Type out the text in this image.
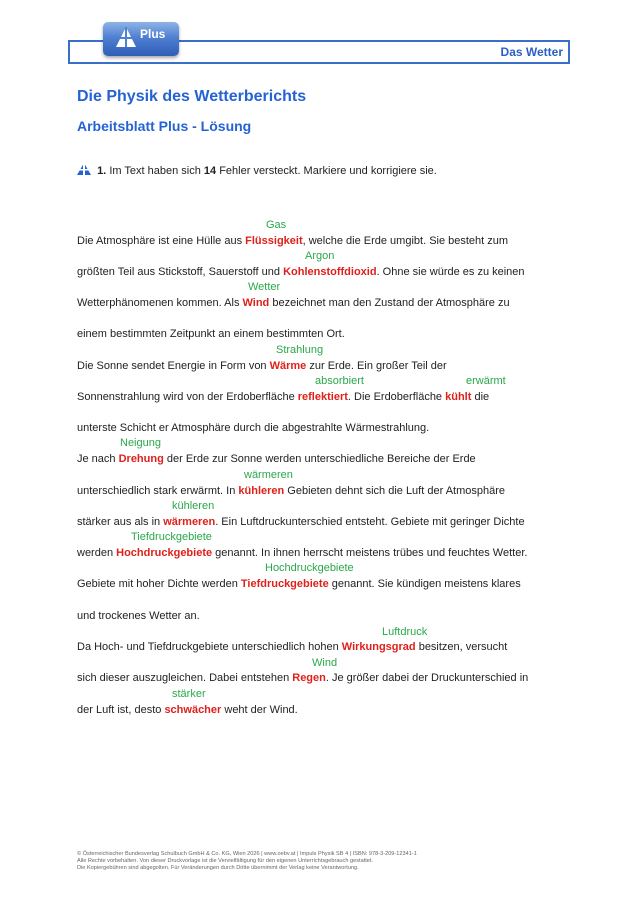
Plus
Das Wetter
Die Physik des Wetterberichts
Arbeitsblatt Plus - Lösung
1. Im Text haben sich 14 Fehler versteckt. Markiere und korrigiere sie.
Gas
Argon
Wetter
Strahlung
absorbiert	erwärmt
Neigung
wärmeren
kühleren
Tiefdruckgebiete
Hochdruckgebiete
Luftdruck
Wind
stärker
Die Atmosphäre ist eine Hülle aus Flüssigkeit, welche die Erde umgibt. Sie besteht zum
größten Teil aus Stickstoff, Sauerstoff und Kohlenstoffdioxid. Ohne sie würde es zu keinen
Wetterphänomenen kommen. Als Wind bezeichnet man den Zustand der Atmosphäre zu
einem bestimmten Zeitpunkt an einem bestimmten Ort.
Die Sonne sendet Energie in Form von Wärme zur Erde. Ein großer Teil der
Sonnenstrahlung wird von der Erdoberfläche reflektiert. Die Erdoberfläche kühlt die
unterste Schicht er Atmosphäre durch die abgestrahlte Wärmestrahlung.
Je nach Drehung der Erde zur Sonne werden unterschiedliche Bereiche der Erde
unterschiedlich stark erwärmt. In kühleren Gebieten dehnt sich die Luft der Atmosphäre
stärker aus als in wärmeren. Ein Luftdruckunterschied entsteht. Gebiete mit geringer Dichte
werden Hochdruckgebiete genannt. In ihnen herrscht meistens trübes und feuchtes Wetter.
Gebiete mit hoher Dichte werden Tiefdruckgebiete genannt. Sie kündigen meistens klares
und trockenes Wetter an.
Da Hoch- und Tiefdruckgebiete unterschiedlich hohen Wirkungsgrad besitzen, versucht
sich dieser auszugleichen. Dabei entstehen Regen. Je größer dabei der Druckunterschied in
der Luft ist, desto schwächer weht der Wind.
© Österreichischer Bundesverlag Schulbuch GmbH & Co. KG, Wien 2026 | www.oebv.at | Impuls Physik SB 4 | ISBN: 978-3-209-12341-1
Alle Rechte vorbehalten. Von dieser Druckvorlage ist die Vervielfältigung für den eigenen Unterrichtsgebrauch gestattet.
Die Kopiergebühren sind abgegolten. Für Veränderungen durch Dritte übernimmt der Verlag keine Verantwortung.
